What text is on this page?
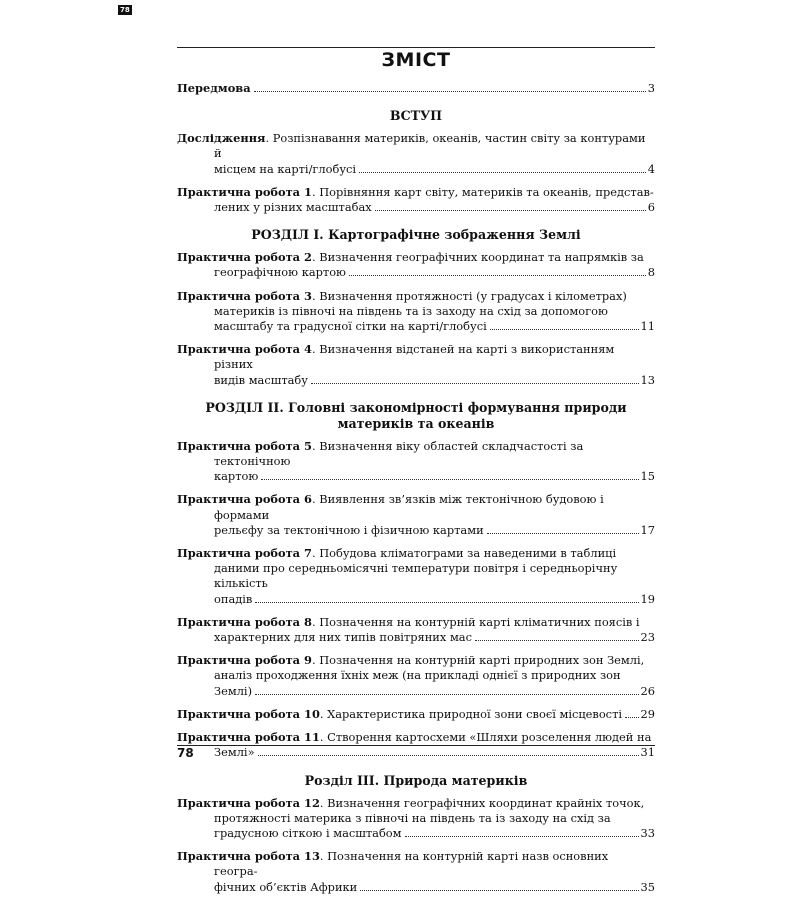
78
ЗМІСТ
Передмова	3
ВСТУП
Дослідження. Розпізнавання материків, океанів, частин світу за контурами й
місцем на карті/глобусі	4
Практична робота 1. Порівняння карт світу, материків та океанів, представ-
лених у різних масштабах	6
РОЗДІЛ І. Картографічне зображення Землі
Практична робота 2. Визначення географічних координат та напрямків за
географічною картою	8
Практична робота 3. Визначення протяжності (у градусах і кілометрах) материків із півночі на південь та із заходу на схід за допомогою
масштабу та градусної сітки на карті/глобусі	11
Практична робота 4. Визначення відстаней на карті з використанням різних
видів масштабу	13
РОЗДІЛ ІІ. Головні закономірності формування природи материків та океанів
Практична робота 5. Визначення віку областей складчастості за тектонічною
картою	15
Практична робота 6. Виявлення зв’язків між тектонічною будовою і формами
рельєфу за тектонічною і фізичною картами	17
Практична робота 7. Побудова кліматограми за наведеними в таблиці даними про середньомісячні температури повітря і середньорічну кількість
опадів	19
Практична робота 8. Позначення на контурній карті кліматичних поясів і
характерних для них типів повітряних мас	23
Практична робота 9. Позначення на контурній карті природних зон Землі, аналіз проходження їхніх меж (на прикладі однієї з природних зон
Землі)	26
Практична робота 10. Характеристика природної зони своєї місцевості 29
Практична робота 11. Створення картосхеми «Шляхи розселення людей на
Землі»	31
Розділ ІІІ. Природа материків
Практична робота 12. Визначення географічних координат крайніх точок, протяжності материка з півночі на південь та із заходу на схід за
градусною сіткою і масштабом	33
Практична робота 13. Позначення на контурній карті назв основних геогра-
фічних об’єктів Африки	35
78
